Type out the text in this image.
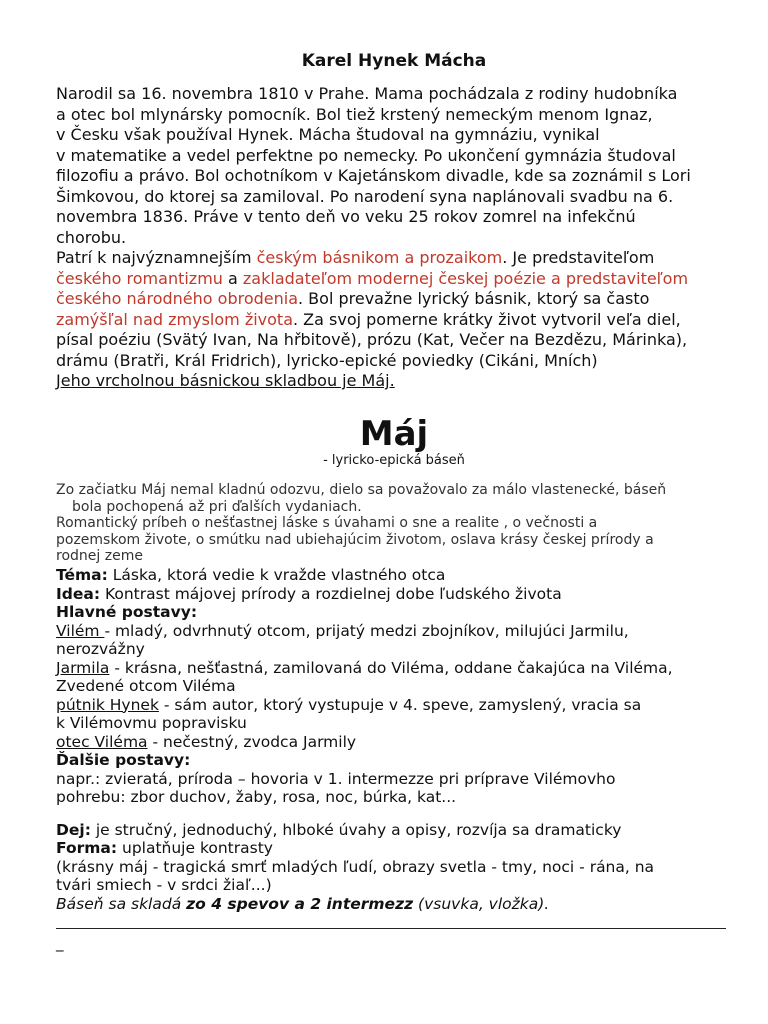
Karel Hynek Mácha
Narodil sa 16. novembra 1810 v Prahe. Mama pochádzala z rodiny hudobníka
a otec bol mlynársky pomocník. Bol tiež krstený nemeckým menom Ignaz,
v Česku však používal Hynek. Mácha študoval na gymnáziu, vynikal
v matematike a vedel perfektne po nemecky. Po ukončení gymnázia študoval
filozofiu a právo. Bol ochotníkom v Kajetánskom divadle, kde sa zoznámil s Lori
Šimkovou, do ktorej sa zamiloval. Po narodení syna naplánovali svadbu na 6.
novembra 1836. Práve v tento deň vo veku 25 rokov zomrel na infekčnú
chorobu.
Patrí k najvýznamnejším českým básnikom a prozaikom. Je predstaviteľom
českého romantizmu a zakladateľom modernej českej poézie a predstaviteľom
českého národného obrodenia. Bol prevažne lyrický básnik, ktorý sa často
zamýšľal nad zmyslom života. Za svoj pomerne krátky život vytvoril veľa diel,
písal poéziu (Svätý Ivan, Na hřbitově), prózu (Kat, Večer na Bezdězu, Márinka),
drámu (Bratři, Král Fridrich), lyricko-epické poviedky (Cikáni, Mních)
Jeho vrcholnou básnickou skladbou je Máj.
Máj
- lyricko-epická báseň
Zo začiatku Máj nemal kladnú odozvu, dielo sa považovalo za málo vlastenecké, báseň
bola pochopená až pri ďalších vydaniach.
Romantický príbeh o nešťastnej láske s úvahami o sne a realite , o večnosti a
pozemskom živote, o smútku nad ubiehajúcim životom, oslava krásy českej prírody a
rodnej zeme
Téma: Láska, ktorá vedie k vražde vlastného otca
Idea: Kontrast májovej prírody a rozdielnej dobe ľudského života
Hlavné postavy:
Vilém - mladý, odvrhnutý otcom, prijatý medzi zbojníkov, milujúci Jarmilu,
nerozvážny
Jarmila - krásna, nešťastná, zamilovaná do Viléma, oddane čakajúca na Viléma,
Zvedené otcom Viléma
pútnik Hynek - sám autor, ktorý vystupuje v 4. speve, zamyslený, vracia sa
k Vilémovmu popravisku
otec Viléma - nečestný, zvodca Jarmily
Ďalšie postavy:
napr.: zvieratá, príroda – hovoria v 1. intermezze pri príprave Vilémovho
pohrebu: zbor duchov, žaby, rosa, noc, búrka, kat...
Dej: je stručný, jednoduchý, hlboké úvahy a opisy, rozvíja sa dramaticky
Forma: uplatňuje kontrasty
(krásny máj - tragická smrť mladých ľudí, obrazy svetla - tmy, noci - rána, na
tvári smiech - v srdci žiaľ...)
Báseň sa skladá zo 4 spevov a 2 intermezz (vsuvka, vložka).
_
